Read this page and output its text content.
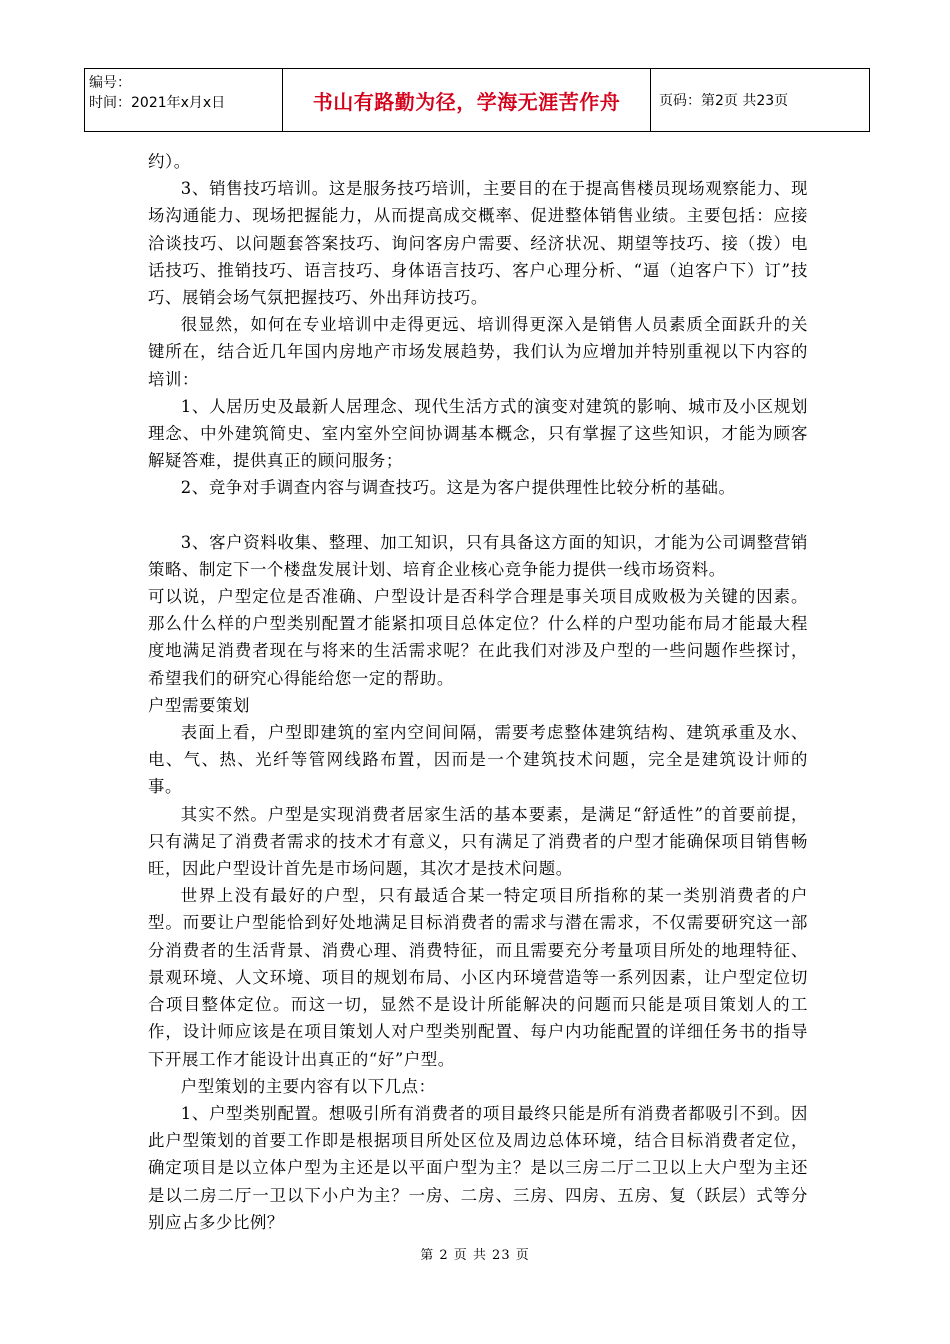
编号：
时间：2021年x月x日	书山有路勤为径，学海无涯苦作舟	页码：第2页 共23页

约）。

3、销售技巧培训。这是服务技巧培训，主要目的在于提高售楼员现场观察能力、现场沟通能力、现场把握能力，从而提高成交概率、促进整体销售业绩。主要包括：应接洽谈技巧、以问题套答案技巧、询问客房户需要、经济状况、期望等技巧、接（拨）电话技巧、推销技巧、语言技巧、身体语言技巧、客户心理分析、“逼（迫客户下）订”技巧、展销会场气氛把握技巧、外出拜访技巧。

很显然，如何在专业培训中走得更远、培训得更深入是销售人员素质全面跃升的关键所在，结合近几年国内房地产市场发展趋势，我们认为应增加并特别重视以下内容的培训：

1、人居历史及最新人居理念、现代生活方式的演变对建筑的影响、城市及小区规划理念、中外建筑简史、室内室外空间协调基本概念，只有掌握了这些知识，才能为顾客解疑答难，提供真正的顾问服务；

2、竞争对手调查内容与调查技巧。这是为客户提供理性比较分析的基础。

3、客户资料收集、整理、加工知识，只有具备这方面的知识，才能为公司调整营销策略、制定下一个楼盘发展计划、培育企业核心竞争能力提供一线市场资料。

可以说，户型定位是否准确、户型设计是否科学合理是事关项目成败极为关键的因素。那么什么样的户型类别配置才能紧扣项目总体定位？什么样的户型功能布局才能最大程度地满足消费者现在与将来的生活需求呢？在此我们对涉及户型的一些问题作些探讨，希望我们的研究心得能给您一定的帮助。

户型需要策划

表面上看，户型即建筑的室内空间间隔，需要考虑整体建筑结构、建筑承重及水、电、气、热、光纤等管网线路布置，因而是一个建筑技术问题，完全是建筑设计师的事。

其实不然。户型是实现消费者居家生活的基本要素，是满足“舒适性”的首要前提，只有满足了消费者需求的技术才有意义，只有满足了消费者的户型才能确保项目销售畅旺，因此户型设计首先是市场问题，其次才是技术问题。

世界上没有最好的户型，只有最适合某一特定项目所指称的某一类别消费者的户型。而要让户型能恰到好处地满足目标消费者的需求与潜在需求，不仅需要研究这一部分消费者的生活背景、消费心理、消费特征，而且需要充分考量项目所处的地理特征、景观环境、人文环境、项目的规划布局、小区内环境营造等一系列因素，让户型定位切合项目整体定位。而这一切，显然不是设计所能解决的问题而只能是项目策划人的工作，设计师应该是在项目策划人对户型类别配置、每户内功能配置的详细任务书的指导下开展工作才能设计出真正的“好”户型。

户型策划的主要内容有以下几点：

1、户型类别配置。想吸引所有消费者的项目最终只能是所有消费者都吸引不到。因此户型策划的首要工作即是根据项目所处区位及周边总体环境，结合目标消费者定位，确定项目是以立体户型为主还是以平面户型为主？是以三房二厅二卫以上大户型为主还是以二房二厅一卫以下小户为主？一房、二房、三房、四房、五房、复（跃层）式等分别应占多少比例？

第 2 页 共 23 页
